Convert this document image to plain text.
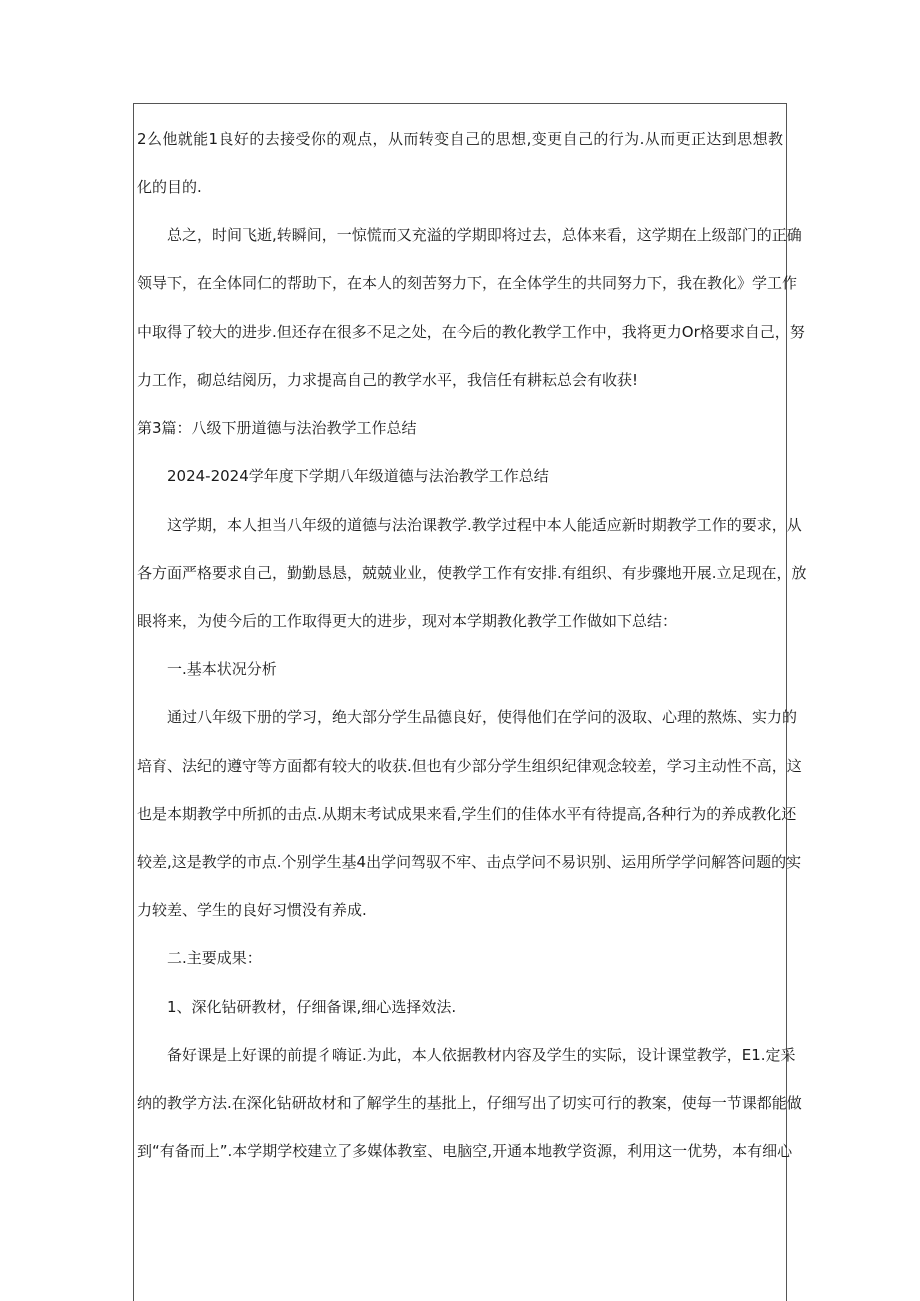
2么他就能1良好的去接受你的观点，从而转变自己的思想,变更自己的行为.从而更正达到思想教
化的目的.
总之，时间飞逝,转瞬间，一惊慌而又充溢的学期即将过去，总体来看，这学期在上级部门的正确
领导下，在全体同仁的帮助下，在本人的刻苦努力下，在全体学生的共同努力下，我在教化》学工作
中取得了较大的进步.但还存在很多不足之处，在今后的教化教学工作中，我将更力Or格要求自己，努
力工作，砌总结阅历，力求提高自己的教学水平，我信任有耕耘总会有收获!
第3篇：八级下册道德与法治教学工作总结
2024-2024学年度下学期八年级道德与法治教学工作总结
这学期，本人担当八年级的道德与法治课教学.教学过程中本人能适应新时期教学工作的要求，从
各方面严格要求自己，勤勤恳恳，兢兢业业，使教学工作有安排.有组织、有步骤地开展.立足现在，放
眼将来，为使今后的工作取得更大的进步，现对本学期教化教学工作做如下总结：
一.基本状况分析
通过八年级下册的学习，绝大部分学生品德良好，使得他们在学问的汲取、心理的熬炼、实力的
培育、法纪的遵守等方面都有较大的收获.但也有少部分学生组织纪律观念较差，学习主动性不高，这
也是本期教学中所抓的击点.从期末考试成果来看,学生们的佳体水平有待提高,各种行为的养成教化还
较差,这是教学的市点.个别学生基4出学问驾驭不牢、击点学问不易识别、运用所学学问解答问题的实
力较差、学生的良好习惯没有养成.
二.主要成果：
1、深化钻研教材，仔细备课,细心选择效法.
备好课是上好课的前提彳嗨证.为此，本人依据教材内容及学生的实际，设计课堂教学，E1.定采
纳的教学方法.在深化钻研故材和了解学生的基批上，仔细写出了切实可行的教案，使每一节课都能做
到“有备而上”.本学期学校建立了多媒体教室、电脑空,开通本地教学资源，利用这一优势，本有细心
